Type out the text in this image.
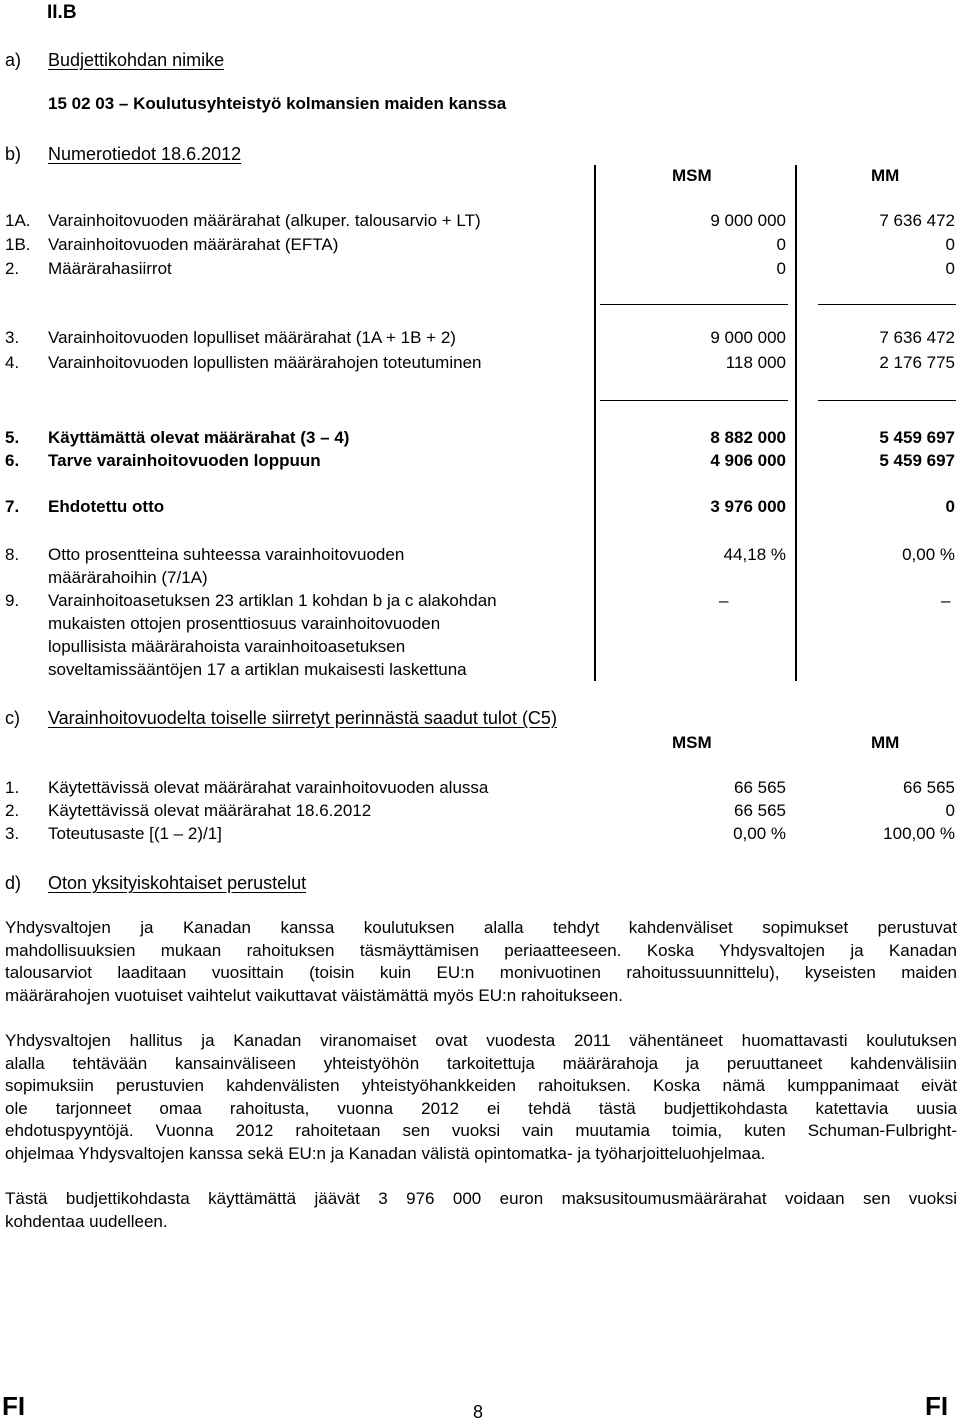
II.B
a) Budjettikohdan nimike
15 02 03 – Koulutusyhteistyö kolmansien maiden kanssa
b) Numerotiedot 18.6.2012
MSM	MM
1A. Varainhoitovuoden määrärahat (alkuper. talousarvio + LT)	9 000 000	7 636 472
1B. Varainhoitovuoden määrärahat (EFTA)	0	0
2. Määrärahasiirrot	0	0
3. Varainhoitovuoden lopulliset määrärahat (1A + 1B + 2)	9 000 000	7 636 472
4. Varainhoitovuoden lopullisten määrärahojen toteutuminen	118 000	2 176 775
5. Käyttämättä olevat määrärahat (3 – 4)	8 882 000	5 459 697
6. Tarve varainhoitovuoden loppuun	4 906 000	5 459 697
7. Ehdotettu otto	3 976 000	0
8. Otto prosentteina suhteessa varainhoitovuoden
määrärahoihin (7/1A)
44,18 %	0,00 %
9. Varainhoitoasetuksen 23 artiklan 1 kohdan b ja c alakohdan
mukaisten ottojen prosenttiosuus varainhoitovuoden
lopullisista määrärahoista varainhoitoasetuksen
soveltamissääntöjen 17 a artiklan mukaisesti laskettuna
–	–
c) Varainhoitovuodelta toiselle siirretyt perinnästä saadut tulot (C5)
MSM	MM
1. Käytettävissä olevat määrärahat varainhoitovuoden alussa	66 565	66 565
2. Käytettävissä olevat määrärahat 18.6.2012	66 565	0
3. Toteutusaste [(1 – 2)/1]	0,00 %	100,00 %
d) Oton yksityiskohtaiset perustelut
Yhdysvaltojen ja Kanadan kanssa koulutuksen alalla tehdyt kahdenväliset sopimukset perustuvat
mahdollisuuksien mukaan rahoituksen täsmäyttämisen periaatteeseen. Koska Yhdysvaltojen ja Kanadan
talousarviot laaditaan vuosittain (toisin kuin EU:n monivuotinen rahoitussuunnittelu), kyseisten maiden
määrärahojen vuotuiset vaihtelut vaikuttavat väistämättä myös EU:n rahoitukseen.
Yhdysvaltojen hallitus ja Kanadan viranomaiset ovat vuodesta 2011 vähentäneet huomattavasti koulutuksen
alalla tehtävään kansainväliseen yhteistyöhön tarkoitettuja määrärahoja ja peruuttaneet kahdenvälisiin
sopimuksiin perustuvien kahdenvälisten yhteistyöhankkeiden rahoituksen. Koska nämä kumppanimaat eivät
ole tarjonneet omaa rahoitusta, vuonna 2012 ei tehdä tästä budjettikohdasta katettavia uusia
ehdotuspyyntöjä. Vuonna 2012 rahoitetaan sen vuoksi vain muutamia toimia, kuten Schuman-Fulbright-
ohjelmaa Yhdysvaltojen kanssa sekä EU:n ja Kanadan välistä opintomatka- ja työharjoitteluohjelmaa.
Tästä budjettikohdasta käyttämättä jäävät 3 976 000 euron maksusitoumusmäärärahat voidaan sen vuoksi
kohdentaa uudelleen.
FI	8	FI
